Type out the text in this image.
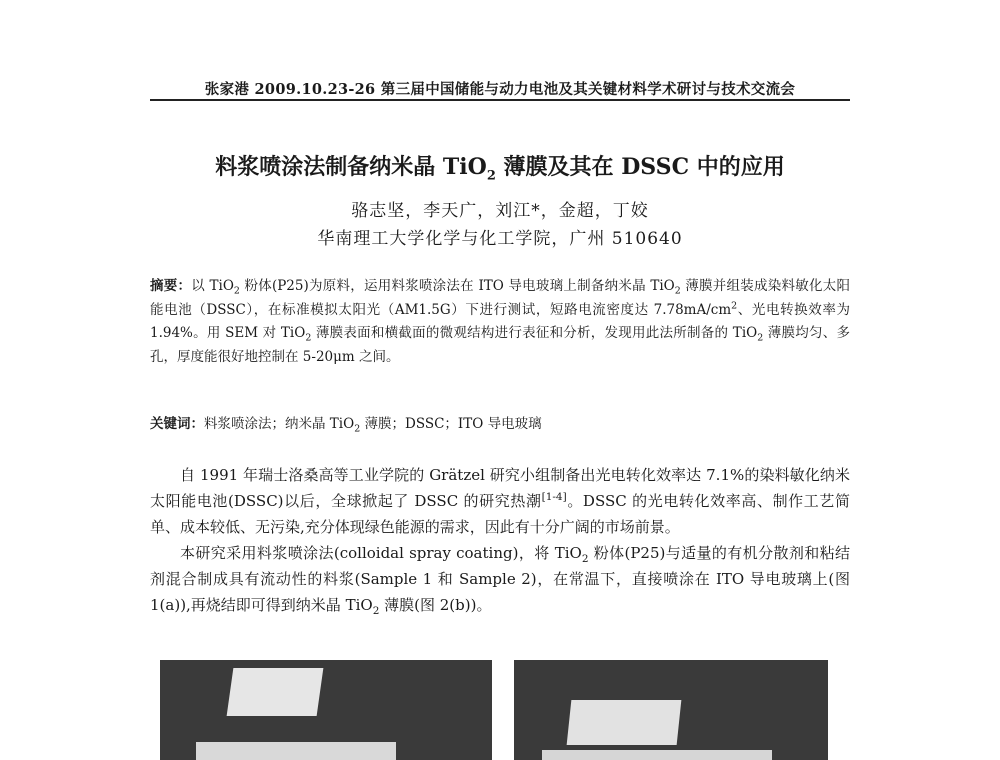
张家港 2009.10.23-26 第三届中国储能与动力电池及其关键材料学术研讨与技术交流会
料浆喷涂法制备纳米晶 TiO$_2$ 薄膜及其在 DSSC 中的应用
骆志坚，李天广，刘江*，金超，丁姣
华南理工大学化学与化工学院，广州 510640
摘要：以 TiO$_2$ 粉体(P25)为原料，运用料浆喷涂法在 ITO 导电玻璃上制备纳米晶 TiO$_2$ 薄膜并组装成染料敏化太阳能电池（DSSC），在标准模拟太阳光（AM1.5G）下进行测试，短路电流密度达 $7.78mA/cm^2$、光电转换效率为 1.94%。用 SEM 对 TiO$_2$ 薄膜表面和横截面的微观结构进行表征和分析，发现用此法所制备的 TiO$_2$ 薄膜均匀、多孔，厚度能很好地控制在 5-20μm 之间。
关键词：料浆喷涂法；纳米晶 TiO$_2$ 薄膜；DSSC；ITO 导电玻璃

自 1991 年瑞士洛桑高等工业学院的 Grätzel 研究小组制备出光电转化效率达 7.1%的染料敏化纳米太阳能电池(DSSC)以后，全球掀起了 DSSC 的研究热潮[1-4]。DSSC 的光电转化效率高、制作工艺简单、成本较低、无污染,充分体现绿色能源的需求，因此有十分广阔的市场前景。

本研究采用料浆喷涂法(colloidal spray coating)，将 TiO$_2$ 粉体(P25)与适量的有机分散剂和粘结剂混合制成具有流动性的料浆(Sample 1 和 Sample 2)，在常温下，直接喷涂在 ITO 导电玻璃上(图 1(a)),再烧结即可得到纳米晶 TiO$_2$ 薄膜(图 2(b))。
